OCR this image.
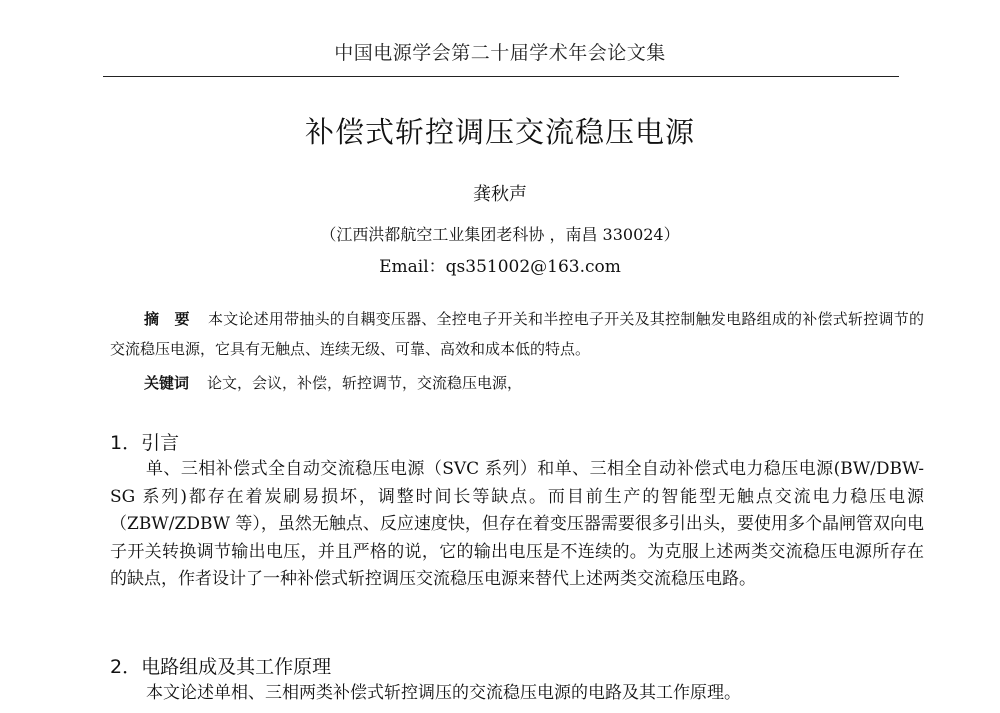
中国电源学会第二十届学术年会论文集
补偿式斩控调压交流稳压电源
龚秋声
（江西洪都航空工业集团老科协 ，南昌 330024）
Email：qs351002@163.com
摘　要 本文论述用带抽头的自耦变压器、全控电子开关和半控电子开关及其控制触发电路组成的补偿式斩控调节的交流稳压电源，它具有无触点、连续无级、可靠、高效和成本低的特点。
关键词 论文，会议，补偿，斩控调节，交流稳压电源，
1．引言
单、三相补偿式全自动交流稳压电源（SVC 系列）和单、三相全自动补偿式电力稳压电源(BW/DBW-SG 系列)都存在着炭刷易损坏，调整时间长等缺点。而目前生产的智能型无触点交流电力稳压电源（ZBW/ZDBW 等），虽然无触点、反应速度快，但存在着变压器需要很多引出头，要使用多个晶闸管双向电子开关转换调节输出电压，并且严格的说，它的输出电压是不连续的。为克服上述两类交流稳压电源所存在的缺点，作者设计了一种补偿式斩控调压交流稳压电源来替代上述两类交流稳压电路。
2．电路组成及其工作原理
本文论述单相、三相两类补偿式斩控调压的交流稳压电源的电路及其工作原理。
